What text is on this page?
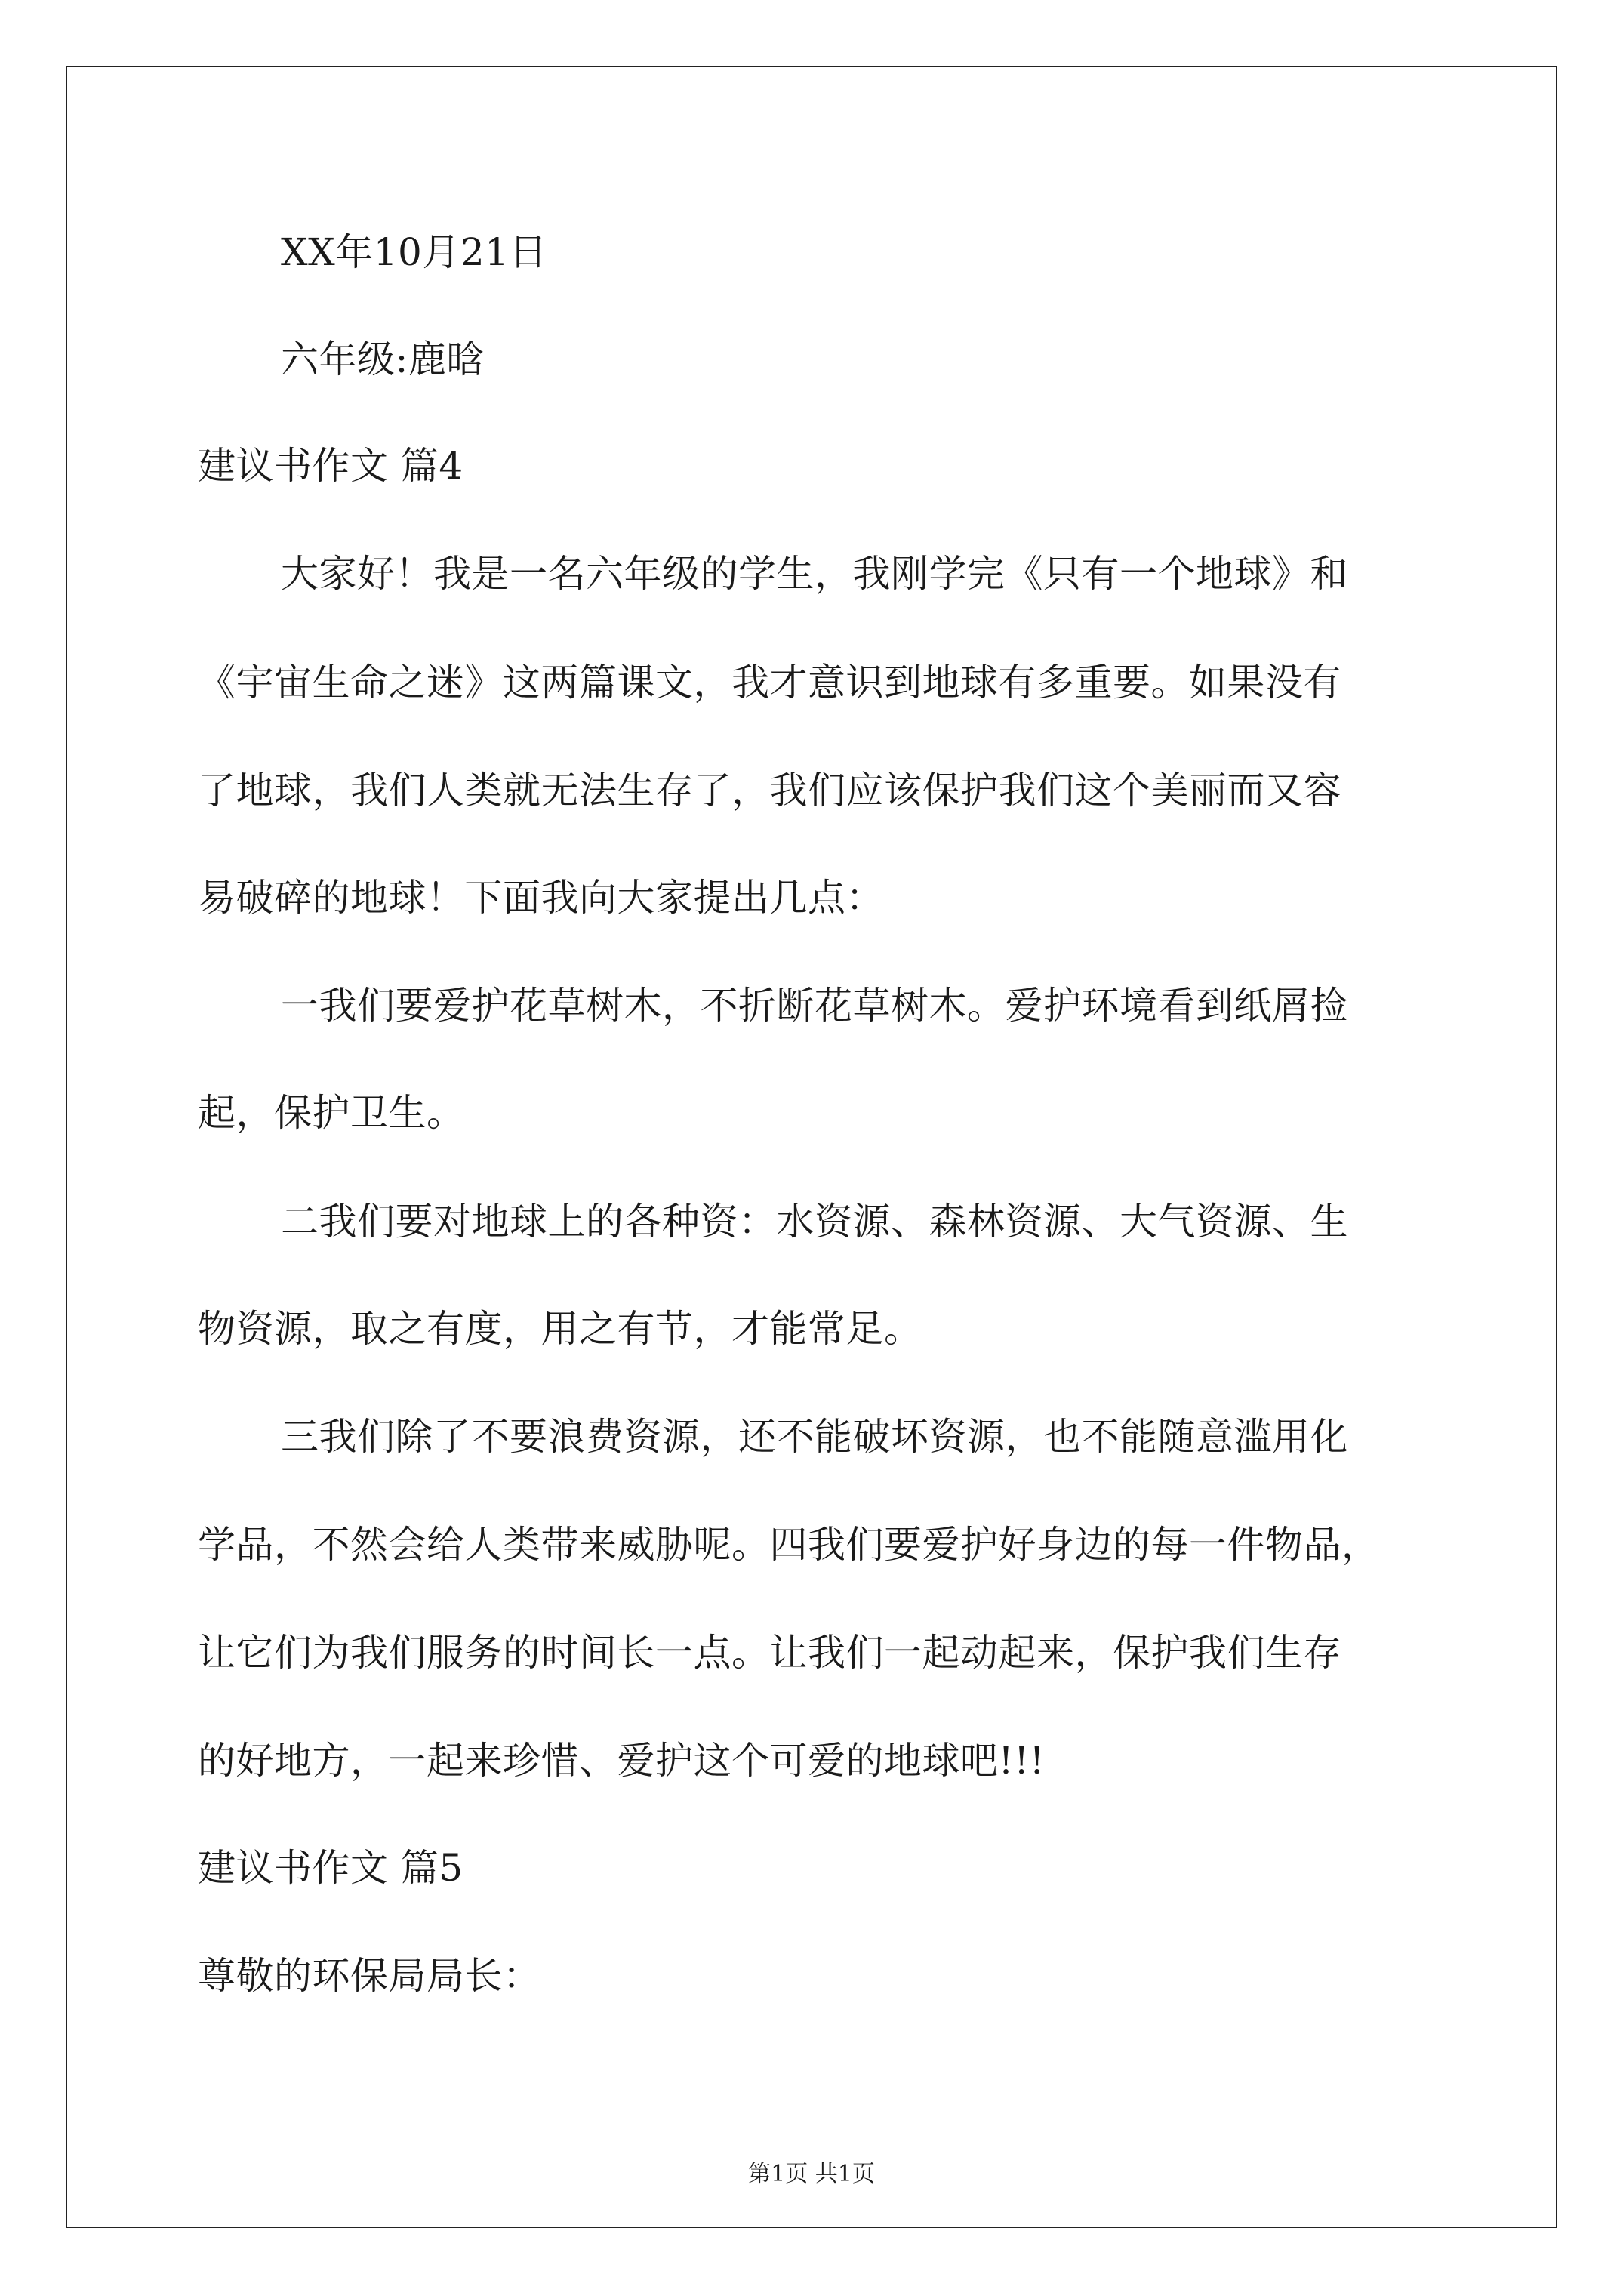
XX年10月21日
六年级:鹿晗
建议书作文 篇4
大家好！我是一名六年级的学生，我刚学完《只有一个地球》和
《宇宙生命之迷》这两篇课文，我才意识到地球有多重要。如果没有
了地球，我们人类就无法生存了，我们应该保护我们这个美丽而又容
易破碎的地球！下面我向大家提出几点：
一我们要爱护花草树木，不折断花草树木。爱护环境看到纸屑捡
起，保护卫生。
二我们要对地球上的各种资：水资源、森林资源、大气资源、生
物资源，取之有度，用之有节，才能常足。
三我们除了不要浪费资源，还不能破坏资源，也不能随意滥用化
学品，不然会给人类带来威胁呢。四我们要爱护好身边的每一件物品，
让它们为我们服务的时间长一点。让我们一起动起来，保护我们生存
的好地方，一起来珍惜、爱护这个可爱的地球吧!!!
建议书作文 篇5
尊敬的环保局局长：
第1页 共1页
